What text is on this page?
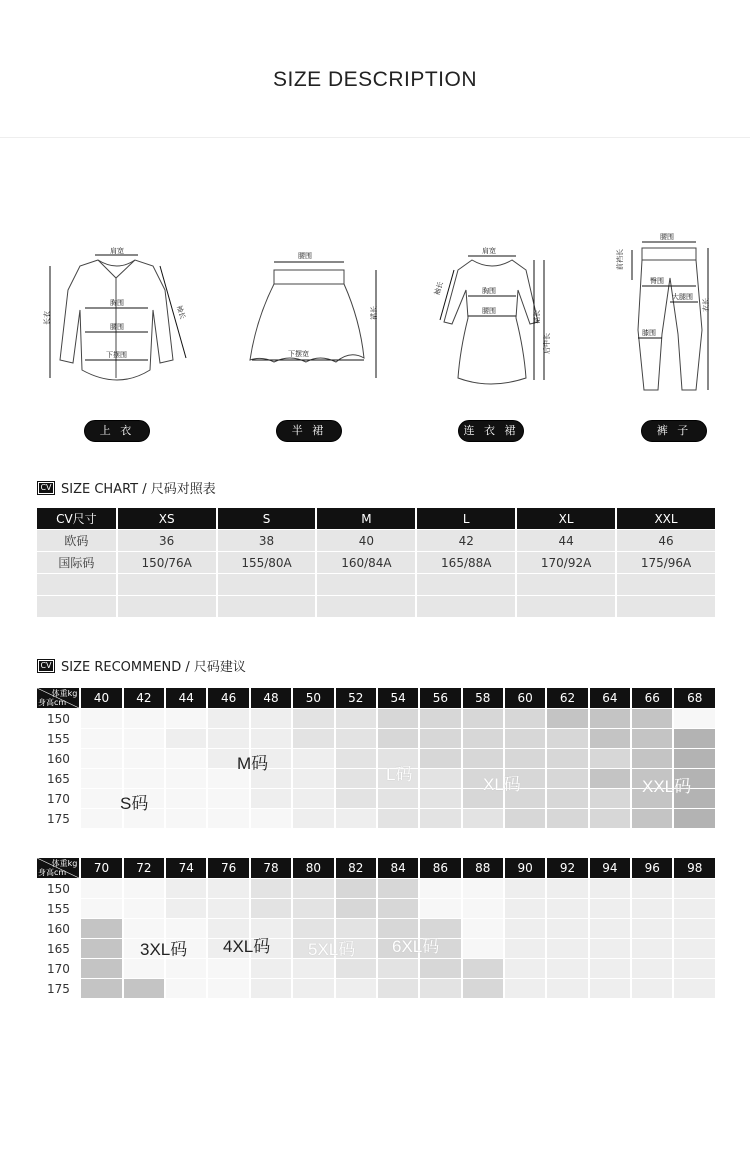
SIZE DESCRIPTION
肩宽
胸围
腰围
下摆围
长衣	袖长
腰围
下摆宽
裙长
肩宽
胸围
腰围
袖长
裙长
后中长
腰围
前裆长
臀围
大腿围
膝围
衣长
上 衣	半 裙	连 衣 裙	裤 子
CV SIZE CHART / 尺码对照表
CV尺寸	XS	S	M	L	XL	XXL
欧码	36	38	40	42	44	46
国际码	150/76A	155/80A	160/84A	165/88A	170/92A	175/96A

CV SIZE RECOMMEND / 尺码建议
体重kg
身高cm	40	42	44	46	48	50	52	54	56	58	60	62	64	66	68
150															
155															
160															
165															
170															
175															
体重kg
身高cm	70	72	74	76	78	80	82	84	86	88	90	92	94	96	98
150															
155															
160															
165															
170															
175															
S码
M码
L码
XL码	XXL码
3XL码 4XL码 5XL码 6XL码
